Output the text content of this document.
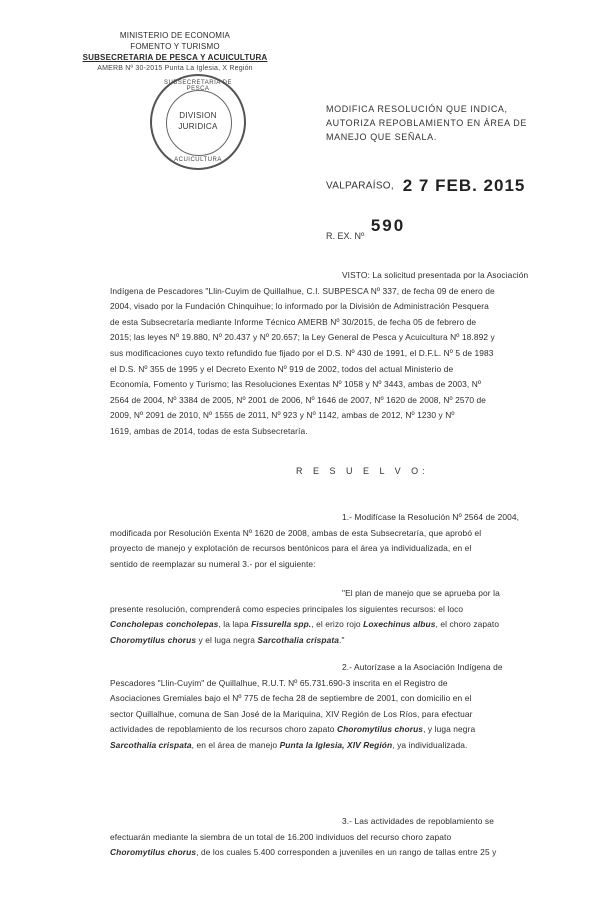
MINISTERIO DE ECONOMIA
FOMENTO Y TURISMO
SUBSECRETARIA DE PESCA Y ACUICULTURA
AMERB Nº 30-2015 Punta La Iglesia, X Región
SUBSECRETARIA DE PESCA
DIVISION
JURIDICA
ACUICULTURA
MODIFICA RESOLUCIÓN QUE INDICA, AUTORIZA REPOBLAMIENTO EN ÁREA DE MANEJO QUE SEÑALA.
VALPARAÍSO, 2 7 FEB. 2015
R. EX. Nº 590
VISTO: La solicitud presentada por la Asociación
Indígena de Pescadores "Llin-Cuyim de Quillalhue, C.I. SUBPESCA Nº 337, de fecha 09 de enero de
2004, visado por la Fundación Chinquihue; lo informado por la División de Administración Pesquera
de esta Subsecretaría mediante Informe Técnico AMERB Nº 30/2015, de fecha 05 de febrero de
2015; las leyes Nº 19.880, Nº 20.437 y Nº 20.657; la Ley General de Pesca y Acuicultura Nº 18.892 y
sus modificaciones cuyo texto refundido fue fijado por el D.S. Nº 430 de 1991, el D.F.L. Nº 5 de 1983
el D.S. Nº 355 de 1995 y el Decreto Exento Nº 919 de 2002, todos del actual Ministerio de
Economía, Fomento y Turismo; las Resoluciones Exentas Nº 1058 y Nº 3443, ambas de 2003, Nº
2564 de 2004, Nº 3384 de 2005, Nº 2001 de 2006, Nº 1646 de 2007, Nº 1620 de 2008, Nº 2570 de
2009, Nº 2091 de 2010, Nº 1555 de 2011, Nº 923 y Nº 1142, ambas de 2012, Nº 1230 y Nº
1619, ambas de 2014, todas de esta Subsecretaría.
R E S U E L V O:
1.- Modifícase la Resolución Nº 2564 de 2004,
modificada por Resolución Exenta Nº 1620 de 2008, ambas de esta Subsecretaría, que aprobó el
proyecto de manejo y explotación de recursos bentónicos para el área ya individualizada, en el
sentido de reemplazar su numeral 3.- por el siguiente:
"El plan de manejo que se aprueba por la
presente resolución, comprenderá como especies principales los siguientes recursos: el loco
Concholepas concholepas, la lapa Fissurella spp., el erizo rojo Loxechinus albus, el choro zapato
Choromytilus chorus y el luga negra Sarcothalia crispata."
2.- Autorízase a la Asociación Indígena de
Pescadores "Llin-Cuyim" de Quillalhue, R.U.T. Nº 65.731.690-3 inscrita en el Registro de
Asociaciones Gremiales bajo el Nº 775 de fecha 28 de septiembre de 2001, con domicilio en el
sector Quillalhue, comuna de San José de la Mariquina, XIV Región de Los Ríos, para efectuar
actividades de repoblamiento de los recursos choro zapato Choromytilus chorus, y luga negra
Sarcothalia crispata, en el área de manejo Punta la Iglesia, XIV Región, ya individualizada.
3.- Las actividades de repoblamiento se
efectuarán mediante la siembra de un total de 16.200 individuos del recurso choro zapato
Choromytilus chorus, de los cuales 5.400 corresponden a juveniles en un rango de tallas entre 25 y
